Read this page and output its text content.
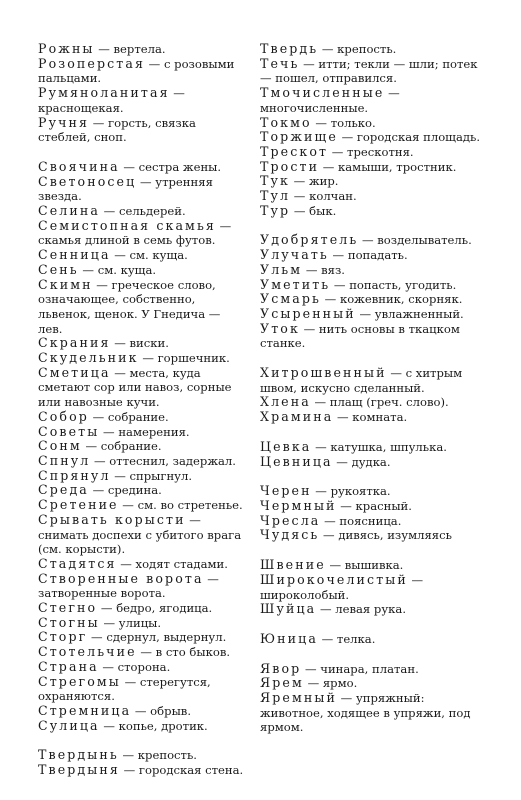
Рожны — вертела.

Розоперстая — с розовыми пальцами.

Румяноланитая — краснощекая.

Ручня — горсть, связка стеблей, сноп.

Своячина — сестра жены.

Светоносец — утренняя звезда.

Селина — сельдерей.

Семистопная скамья — скамья длиной в семь футов.

Сенница — см. куща.

Сень — см. куща.

Скимн — греческое слово, означающее, собственно, львенок, щенок. У Гнедича — лев.

Скрания — виски.

Скудельник — горшечник.

Сметица — места, куда сметают сор или навоз, сорные или навозные кучи.

Собор — собрание.

Советы — намерения.

Сонм — собрание.

Спнул — оттеснил, задержал.

Спрянул — спрыгнул.

Среда — средина.

Сретение — см. во стретенье.

Срывать корысти — снимать доспехи с убитого врага (см. корысти).

Стадятся — ходят стадами.

Створенные ворота — затворенные ворота.

Стегно — бедро, ягодица.

Стогны — улицы.

Сторг — сдернул, выдернул.

Стотельчие — в сто быков.

Страна — сторона.

Стрегомы — стерегутся, охраняются.

Стремница — обрыв.

Сулица — копье, дротик.

Твердынь — крепость.

Твердыня — городская стена.

Твердь — крепость.

Течь — итти; текли — шли; потек — пошел, отправился.

Тмочисленные — многочисленные.

Токмо — только.

Торжище — городская площадь.

Трескот — трескотня.

Трости — камыши, тростник.

Тук — жир.

Тул — колчан.

Тур — бык.

Удобрятель — возделыватель.

Улучать — попадать.

Ульм — вяз.

Уметить — попасть, угодить.

Усмарь — кожевник, скорняк.

Усыренный — увлажненный.

Уток — нить основы в ткацком станке.

Хитрошвенный — с хитрым швом, искусно сделанный.

Хлена — плащ (греч. слово).

Храмина — комната.

Цевка — катушка, шпулька.

Цевница — дудка.

Черен — рукоятка.

Чермный — красный.

Чресла — поясница.

Чудясь — дивясь, изумляясь

Швение — вышивка.

Широкочелистый — широколобый.

Шуйца — левая рука.

Юница — телка.

Явор — чинара, платан.

Ярем — ярмо.

Яремный — упряжный: животное, ходящее в упряжи, под ярмом.
